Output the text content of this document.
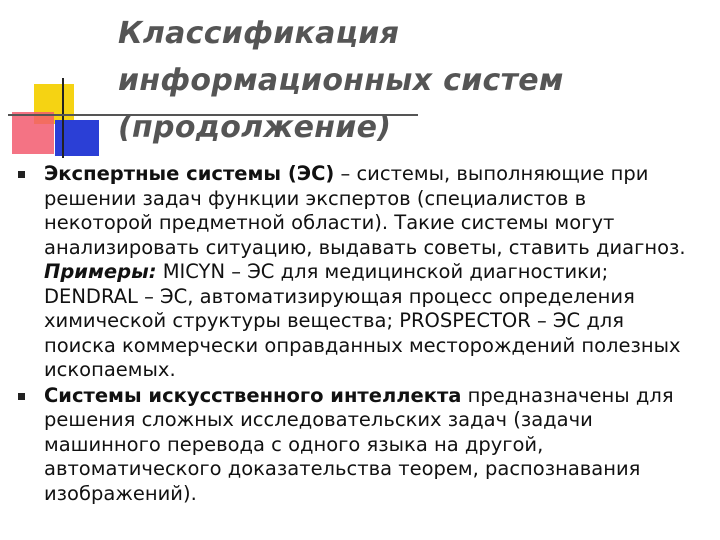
Классификация
информационных систем
(продолжение)
Экспертные системы (ЭС) – системы, выполняющие при решении задач функции экспертов (специалистов в некоторой предметной области). Такие системы могут анализировать ситуацию, выдавать советы, ставить диагноз. Примеры: MICYN – ЭС для медицинской диагностики; DENDRAL – ЭС, автоматизирующая процесс определения химической структуры вещества; PROSPECTOR – ЭС для поиска коммерчески оправданных месторождений полезных ископаемых.
Системы искусственного интеллекта предназначены для решения сложных исследовательских задач (задачи машинного перевода с одного языка на другой, автоматического доказательства теорем, распознавания изображений).
